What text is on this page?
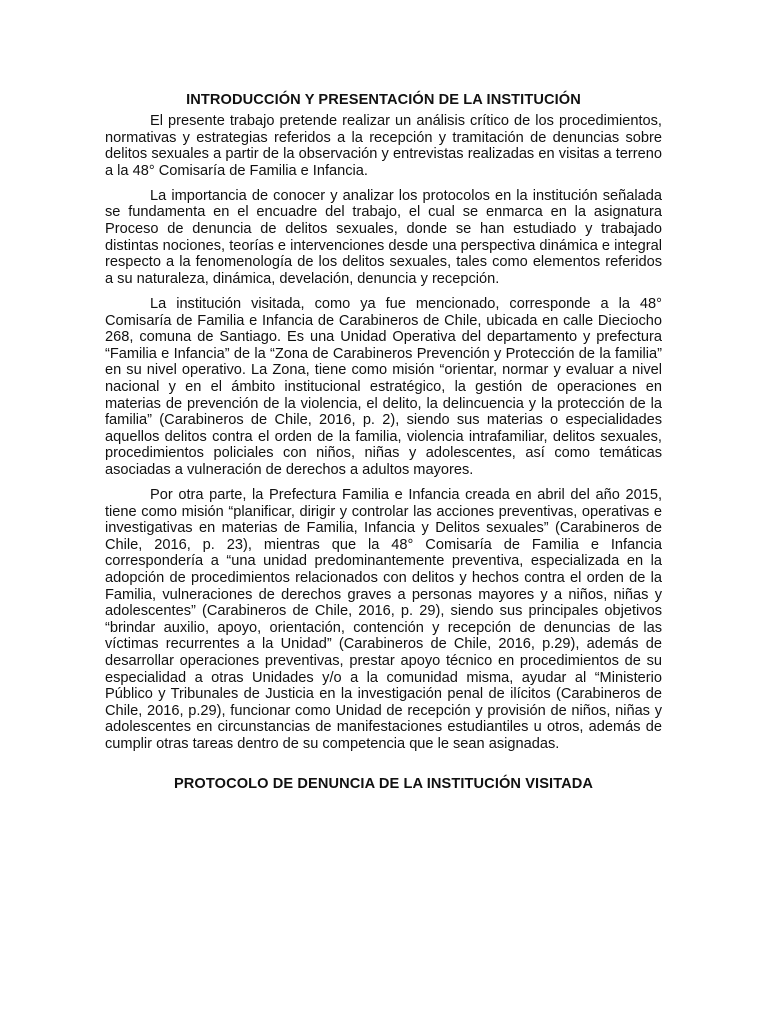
INTRODUCCIÓN Y PRESENTACIÓN DE LA INSTITUCIÓN

El presente trabajo pretende realizar un análisis crítico de los procedimientos, normativas y estrategias referidos a la recepción y tramitación de denuncias sobre delitos sexuales a partir de la observación y entrevistas realizadas en visitas a terreno a la 48° Comisaría de Familia e Infancia.

La importancia de conocer y analizar los protocolos en la institución señalada se fundamenta en el encuadre del trabajo, el cual se enmarca en la asignatura Proceso de denuncia de delitos sexuales, donde se han estudiado y trabajado distintas nociones, teorías e intervenciones desde una perspectiva dinámica e integral respecto a la fenomenología de los delitos sexuales, tales como elementos referidos a su naturaleza, dinámica, develación, denuncia y recepción.

La institución visitada, como ya fue mencionado, corresponde a la 48° Comisaría de Familia e Infancia de Carabineros de Chile, ubicada en calle Dieciocho 268, comuna de Santiago. Es una Unidad Operativa del departamento y prefectura “Familia e Infancia” de la “Zona de Carabineros Prevención y Protección de la familia” en su nivel operativo. La Zona, tiene como misión “orientar, normar y evaluar a nivel nacional y en el ámbito institucional estratégico, la gestión de operaciones en materias de prevención de la violencia, el delito, la delincuencia y la protección de la familia” (Carabineros de Chile, 2016, p. 2), siendo sus materias o especialidades aquellos delitos contra el orden de la familia, violencia intrafamiliar, delitos sexuales, procedimientos policiales con niños, niñas y adolescentes, así como temáticas asociadas a vulneración de derechos a adultos mayores.

Por otra parte, la Prefectura Familia e Infancia creada en abril del año 2015, tiene como misión “planificar, dirigir y controlar las acciones preventivas, operativas e investigativas en materias de Familia, Infancia y Delitos sexuales” (Carabineros de Chile, 2016, p. 23), mientras que la 48° Comisaría de Familia e Infancia correspondería a “una unidad predominantemente preventiva, especializada en la adopción de procedimientos relacionados con delitos y hechos contra el orden de la Familia, vulneraciones de derechos graves a personas mayores y a niños, niñas y adolescentes” (Carabineros de Chile, 2016, p. 29), siendo sus principales objetivos “brindar auxilio, apoyo, orientación, contención y recepción de denuncias de las víctimas recurrentes a la Unidad” (Carabineros de Chile, 2016, p.29), además de desarrollar operaciones preventivas, prestar apoyo técnico en procedimientos de su especialidad a otras Unidades y/o a la comunidad misma, ayudar al “Ministerio Público y Tribunales de Justicia en la investigación penal de ilícitos (Carabineros de Chile, 2016, p.29), funcionar como Unidad de recepción y provisión de niños, niñas y adolescentes en circunstancias de manifestaciones estudiantiles u otros, además de cumplir otras tareas dentro de su competencia que le sean asignadas.

PROTOCOLO DE DENUNCIA DE LA INSTITUCIÓN VISITADA
